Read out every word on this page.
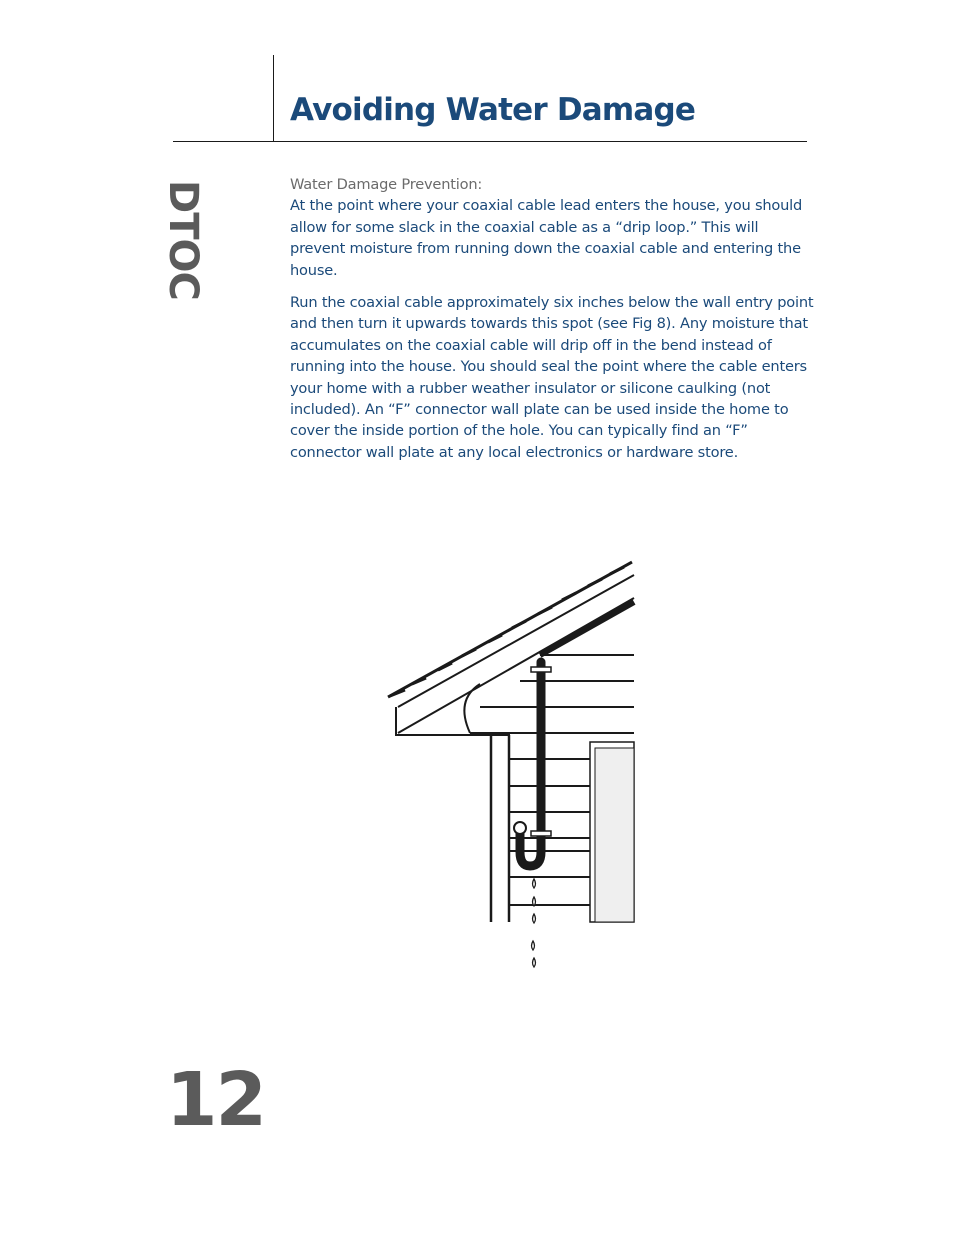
Avoiding Water Damage
DTOC	Water Damage Prevention:
At the point where your coaxial cable lead enters the house, you should allow for some slack in the coaxial cable as a “drip loop.” This will prevent moisture from running down the coaxial cable and entering the house.

Run the coaxial cable approximately six inches below the wall entry point and then turn it upwards towards this spot (see Fig 8). Any moisture that accumulates on the coaxial cable will drip off in the bend instead of running into the house. You should seal the point where the cable enters your home with a rubber weather insulator or silicone caulking (not included). An “F” connector wall plate can be used inside the home to cover the inside portion of the hole. You can typically find an “F” connector wall plate at any local electronics or hardware store.

12
